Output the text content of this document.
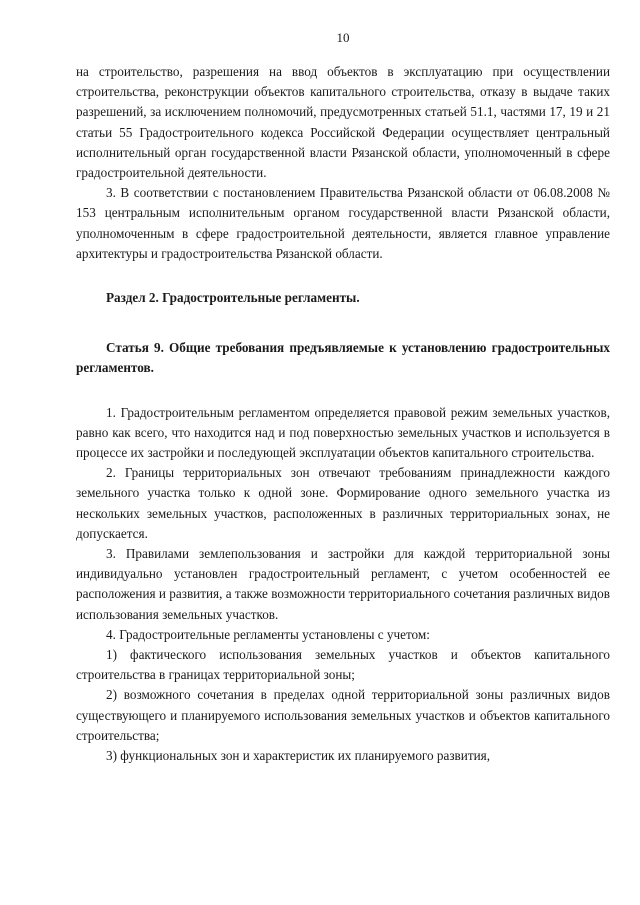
10

на строительство, разрешения на ввод объектов в эксплуатацию при осуществлении строительства, реконструкции объектов капитального строительства, отказу в выдаче таких разрешений, за исключением полномочий, предусмотренных статьей 51.1, частями 17, 19 и 21 статьи 55 Градостроительного кодекса Российской Федерации осуществляет центральный исполнительный орган государственной власти Рязанской области, уполномоченный в сфере градостроительной деятельности.

3. В соответствии с постановлением Правительства Рязанской области от 06.08.2008 № 153 центральным исполнительным органом государственной власти Рязанской области, уполномоченным в сфере градостроительной деятельности, является главное управление архитектуры и градостроительства Рязанской области.

Раздел 2. Градостроительные регламенты.

Статья 9. Общие требования предъявляемые к установлению градостроительных регламентов.

1. Градостроительным регламентом определяется правовой режим земельных участков, равно как всего, что находится над и под поверхностью земельных участков и используется в процессе их застройки и последующей эксплуатации объектов капитального строительства.

2. Границы территориальных зон отвечают требованиям принадлежности каждого земельного участка только к одной зоне. Формирование одного земельного участка из нескольких земельных участков, расположенных в различных территориальных зонах, не допускается.

3. Правилами землепользования и застройки для каждой территориальной зоны индивидуально установлен градостроительный регламент, с учетом особенностей ее расположения и развития, а также возможности территориального сочетания различных видов использования земельных участков.

4. Градостроительные регламенты установлены с учетом:

1) фактического использования земельных участков и объектов капитального строительства в границах территориальной зоны;

2) возможного сочетания в пределах одной территориальной зоны различных видов существующего и планируемого использования земельных участков и объектов капитального строительства;

3) функциональных зон и характеристик их планируемого развития,
